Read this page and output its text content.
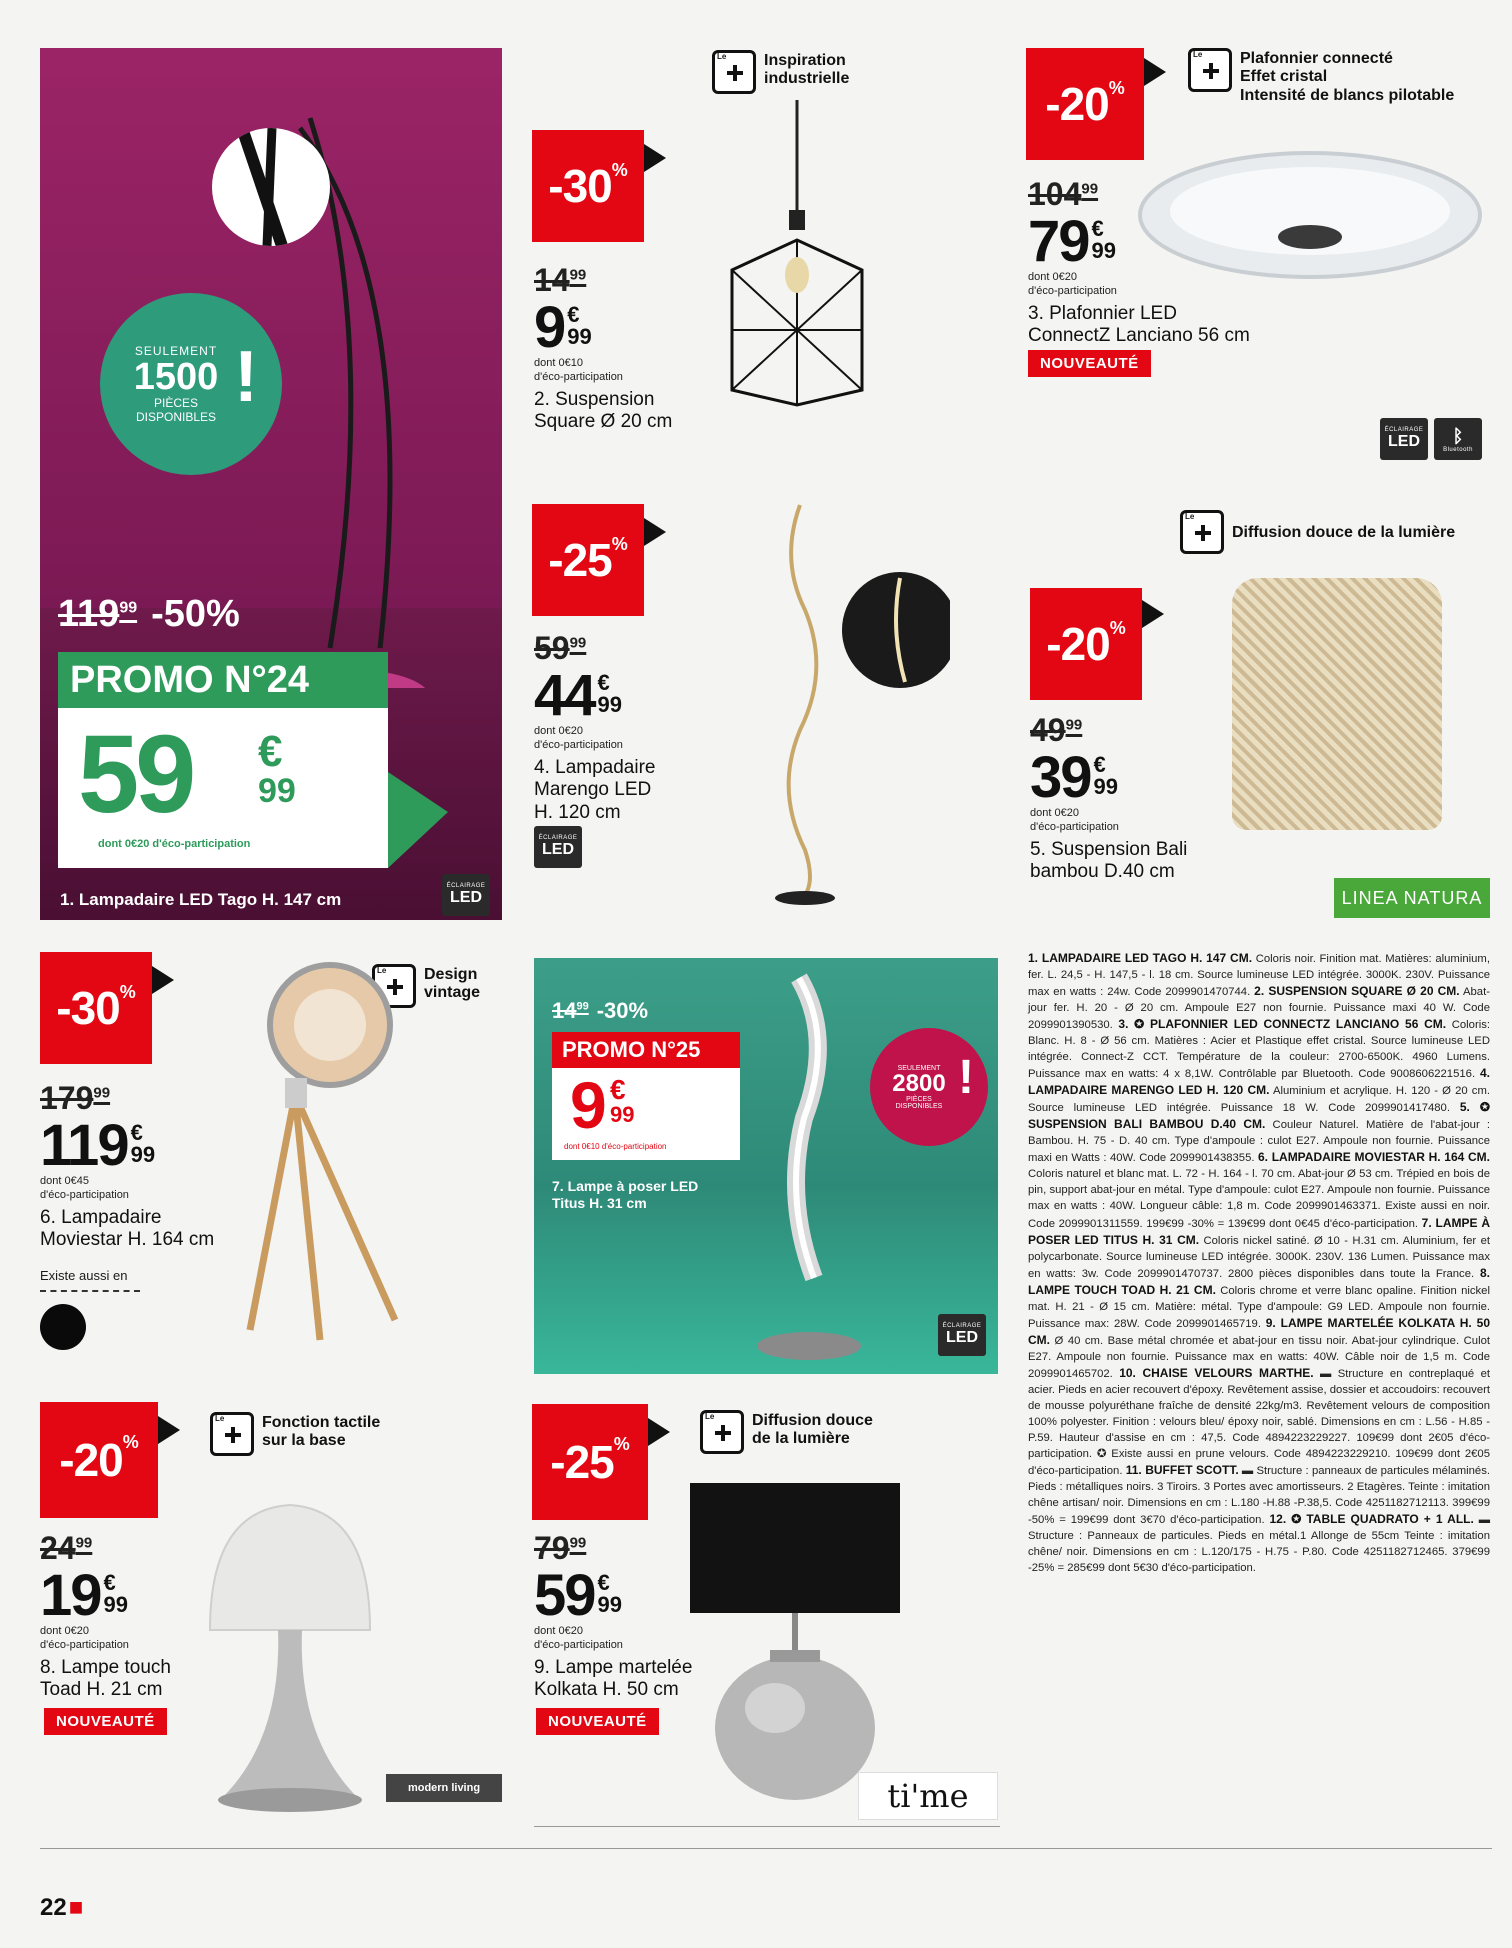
SEULEMENT
1500
PIÈCES
DISPONIBLES !
$119^{99}$ -50%
PROMO N°24
59 €
99
dont 0€20 d'éco-participation
1. Lampadaire LED Tago H. 147 cm
ÉCLAIRAGE
LED
-30 %
$14^{99}$
9 €
99
dont 0€10
d'éco-participation
2. Suspension
Square Ø 20 cm
Le Inspiration
industrielle	-20 %
Le Plafonnier connecté
Effet cristal
Intensité de blancs pilotable
$104^{99}$
79 €
99
dont 0€20
d'éco-participation
3. Plafonnier LED
ConnectZ Lanciano 56 cm
NOUVEAUTÉ
ÉCLAIRAGE
LED ᛒ
Bluetooth
-25 %
$59^{99}$
44 €
99
dont 0€20
d'éco-participation
4. Lampadaire
Marengo LED
H. 120 cm
ÉCLAIRAGE
LED
Le
Diffusion douce de la lumière
-20 %
$49^{99}$
39 €
99
dont 0€20
d'éco-participation
5. Suspension Bali
bambou D.40 cm
LINEA NATURA
-30 %
Le Design
vintage
$179^{99}$
119 €
99
dont 0€45
d'éco-participation
6. Lampadaire
Moviestar H. 164 cm
Existe aussi en
$14^{99}$ -30%
PROMO N°25
9 €
99
dont 0€10 d'éco-participation
7. Lampe à poser LED
Titus H. 31 cm
SEULEMENT
2800
PIÈCES
DISPONIBLES
!
ÉCLAIRAGE
LED
-20 %
Le Fonction tactile
sur la base
$24^{99}$
19 €
99
dont 0€20
d'éco-participation
8. Lampe touch
Toad H. 21 cm
NOUVEAUTÉ
modern living
-25 %
Le Diffusion douce
de la lumière
$79^{99}$
59 €
99
dont 0€20
d'éco-participation
9. Lampe martelée
Kolkata H. 50 cm
NOUVEAUTÉ
ti'me
1. LAMPADAIRE LED TAGO H. 147 CM. Coloris noir. Finition mat. Matières: aluminium, fer. L. 24,5 - H. 147,5 - l. 18 cm. Source lumineuse LED intégrée. 3000K. 230V. Puissance max en watts : 24w. Code 2099901470744. 2. SUSPENSION SQUARE Ø 20 CM. Abat-jour fer. H. 20 - Ø 20 cm. Ampoule E27 non fournie. Puissance maxi 40 W. Code 2099901390530. 3. ✪ PLAFONNIER LED CONNECTZ LANCIANO 56 CM. Coloris: Blanc. H. 8 - Ø 56 cm. Matières : Acier et Plastique effet cristal. Source lumineuse LED intégrée. Connect-Z CCT. Température de la couleur: 2700-6500K. 4960 Lumens. Puissance max en watts: 4 x 8,1W. Contrôlable par Bluetooth. Code 9008606221516. 4. LAMPADAIRE MARENGO LED H. 120 CM. Aluminium et acrylique. H. 120 - Ø 20 cm. Source lumineuse LED intégrée. Puissance 18 W. Code 2099901417480. 5. ✪ SUSPENSION BALI BAMBOU D.40 CM. Couleur Naturel. Matière de l'abat-jour : Bambou. H. 75 - D. 40 cm. Type d'ampoule : culot E27. Ampoule non fournie. Puissance maxi en Watts : 40W. Code 2099901438355. 6. LAMPADAIRE MOVIESTAR H. 164 CM. Coloris naturel et blanc mat. L. 72 - H. 164 - l. 70 cm. Abat-jour Ø 53 cm. Trépied en bois de pin, support abat-jour en métal. Type d'ampoule: culot E27. Ampoule non fournie. Puissance max en watts : 40W. Longueur câble: 1,8 m. Code 2099901463371. Existe aussi en noir. Code 2099901311559. 199€99 -30% = 139€99 dont 0€45 d'éco-participation. 7. LAMPE À POSER LED TITUS H. 31 CM. Coloris nickel satiné. Ø 10 - H.31 cm. Aluminium, fer et polycarbonate. Source lumineuse LED intégrée. 3000K. 230V. 136 Lumen. Puissance max en watts: 3w. Code 2099901470737. 2800 pièces disponibles dans toute la France. 8. LAMPE TOUCH TOAD H. 21 CM. Coloris chrome et verre blanc opaline. Finition nickel mat. H. 21 - Ø 15 cm. Matière: métal. Type d'ampoule: G9 LED. Ampoule non fournie. Puissance max: 28W. Code 2099901465719. 9. LAMPE MARTELÉE KOLKATA H. 50 CM. Ø 40 cm. Base métal chromée et abat-jour en tissu noir. Abat-jour cylindrique. Culot E27. Ampoule non fournie. Puissance max en watts: 40W. Câble noir de 1,5 m. Code 2099901465702. 10. CHAISE VELOURS MARTHE. ▬ Structure en contreplaqué et acier. Pieds en acier recouvert d'époxy. Revêtement assise, dossier et accoudoirs: recouvert de mousse polyuréthane fraîche de densité 22kg/m3. Revêtement velours de composition 100% polyester. Finition : velours bleu/ époxy noir, sablé. Dimensions en cm : L.56 - H.85 - P.59. Hauteur d'assise en cm : 47,5. Code 4894223229227. 109€99 dont 2€05 d'éco-participation. ✪ Existe aussi en prune velours. Code 4894223229210. 109€99 dont 2€05 d'éco-participation. 11. BUFFET SCOTT. ▬ Structure : panneaux de particules mélaminés. Pieds : métalliques noirs. 3 Tiroirs. 3 Portes avec amortisseurs. 2 Etagères. Teinte : imitation chêne artisan/ noir. Dimensions en cm : L.180 -H.88 -P.38,5. Code 4251182712113. 399€99 -50% = 199€99 dont 3€70 d'éco-participation. 12. ✪ TABLE QUADRATO + 1 ALL. ▬ Structure : Panneaux de particules. Pieds en métal.1 Allonge de 55cm Teinte : imitation chêne/ noir. Dimensions en cm : L.120/175 - H.75 - P.80. Code 4251182712465. 379€99 -25% = 285€99 dont 5€30 d'éco-participation.
22 ■
